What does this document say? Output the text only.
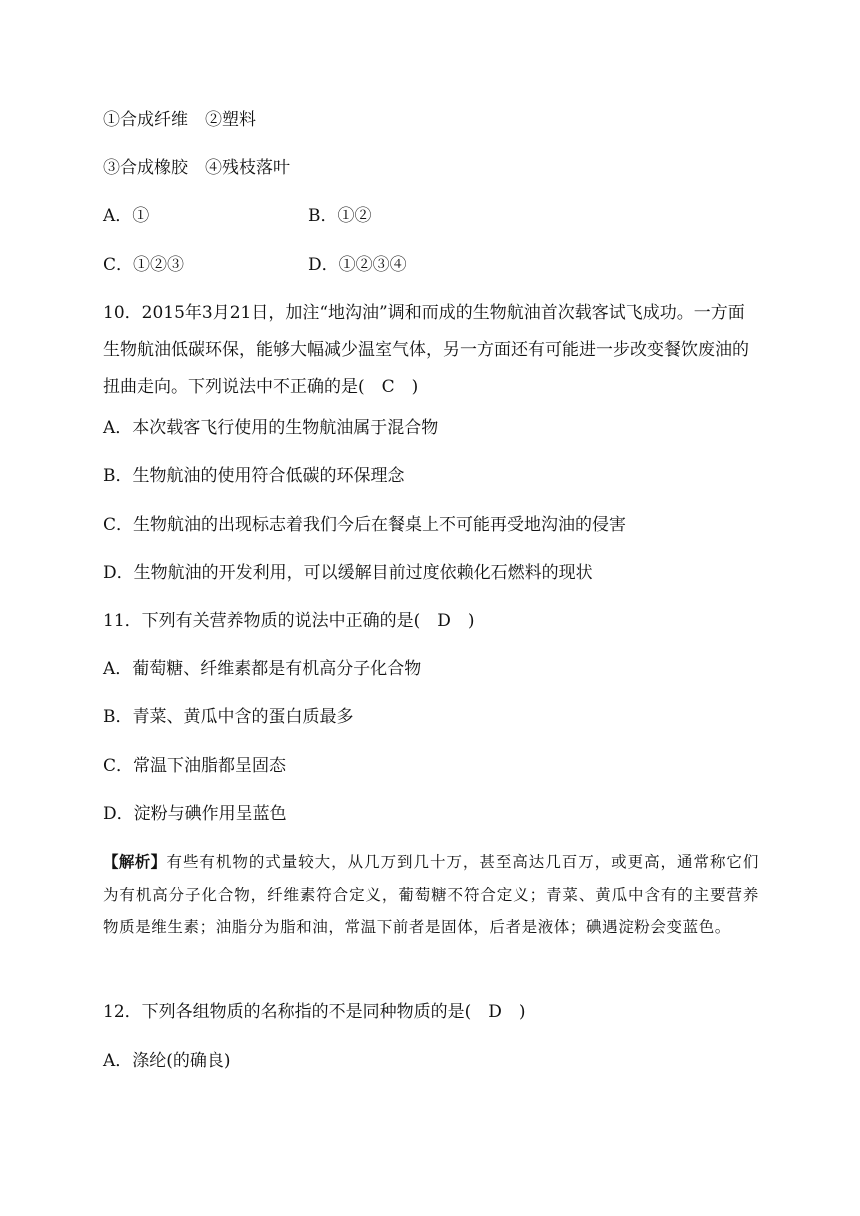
①合成纤维　②塑料
③合成橡胶　④残枝落叶
A．①	B．①②
C．①②③	D．①②③④
10．2015年3月21日，加注“地沟油”调和而成的生物航油首次载客试飞成功。一方面生物航油低碳环保，能够大幅减少温室气体，另一方面还有可能进一步改变餐饮废油的扭曲走向。下列说法中不正确的是(　C　)
A．本次载客飞行使用的生物航油属于混合物
B．生物航油的使用符合低碳的环保理念
C．生物航油的出现标志着我们今后在餐桌上不可能再受地沟油的侵害
D．生物航油的开发利用，可以缓解目前过度依赖化石燃料的现状
11．下列有关营养物质的说法中正确的是(　D　)
A．葡萄糖、纤维素都是有机高分子化合物
B．青菜、黄瓜中含的蛋白质最多
C．常温下油脂都呈固态
D．淀粉与碘作用呈蓝色
【解析】有些有机物的式量较大，从几万到几十万，甚至高达几百万，或更高，通常称它们为有机高分子化合物，纤维素符合定义，葡萄糖不符合定义；青菜、黄瓜中含有的主要营养物质是维生素；油脂分为脂和油，常温下前者是固体，后者是液体；碘遇淀粉会变蓝色。
12．下列各组物质的名称指的不是同种物质的是(　D　)
A．涤纶(的确良)
